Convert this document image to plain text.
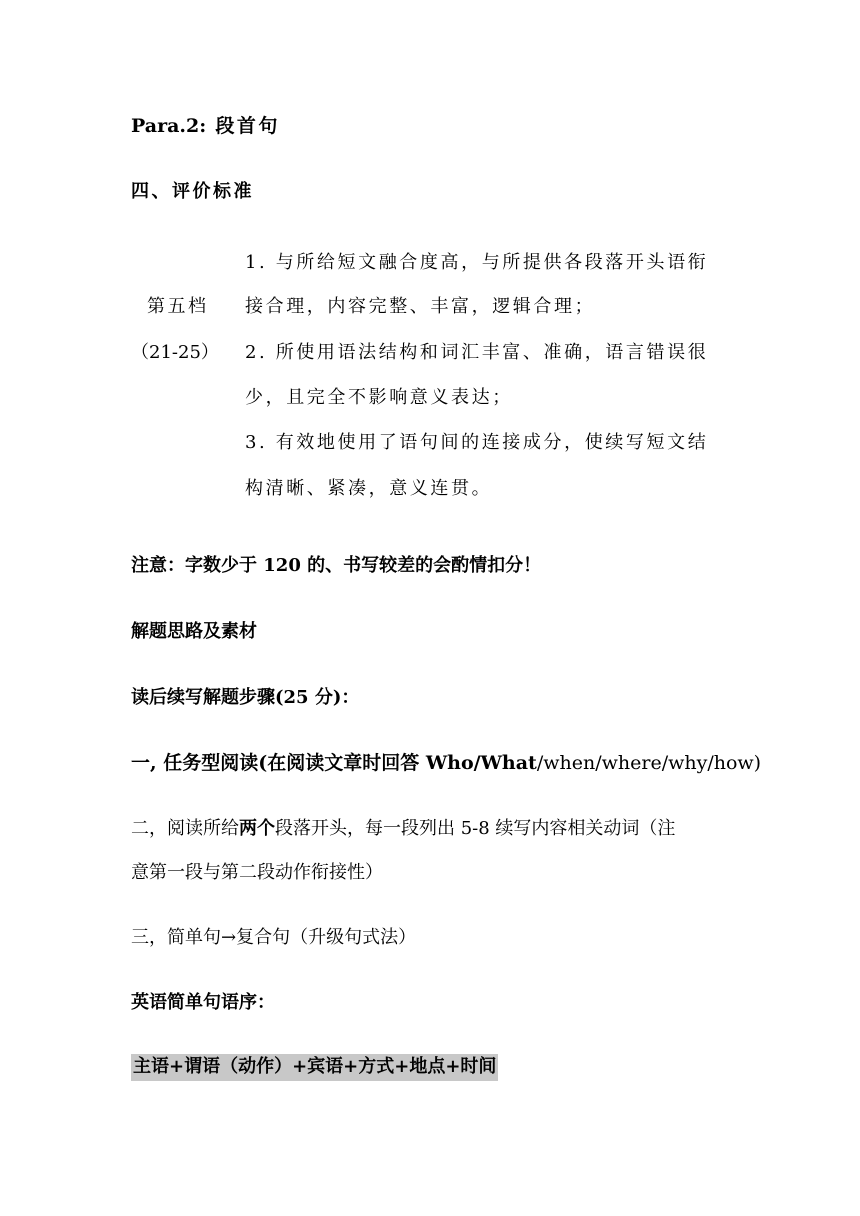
Para.2: 段首句

四、评价标准

第五档
（21-25）
1. 与所给短文融合度高，与所提供各段落开头语衔
接合理，内容完整、丰富，逻辑合理；
2. 所使用语法结构和词汇丰富、准确，语言错误很
少，且完全不影响意义表达；
3. 有效地使用了语句间的连接成分，使续写短文结
构清晰、紧凑，意义连贯。

注意：字数少于 120 的、书写较差的会酌情扣分！

解题思路及素材

读后续写解题步骤(25 分)：

一, 任务型阅读(在阅读文章时回答 Who/What/when/where/why/how)

二，阅读所给两个段落开头，每一段列出 5-8 续写内容相关动词（注

意第一段与第二段动作衔接性）

三，简单句→复合句（升级句式法）

英语简单句语序：

主语+谓语（动作）+宾语+方式+地点+时间
